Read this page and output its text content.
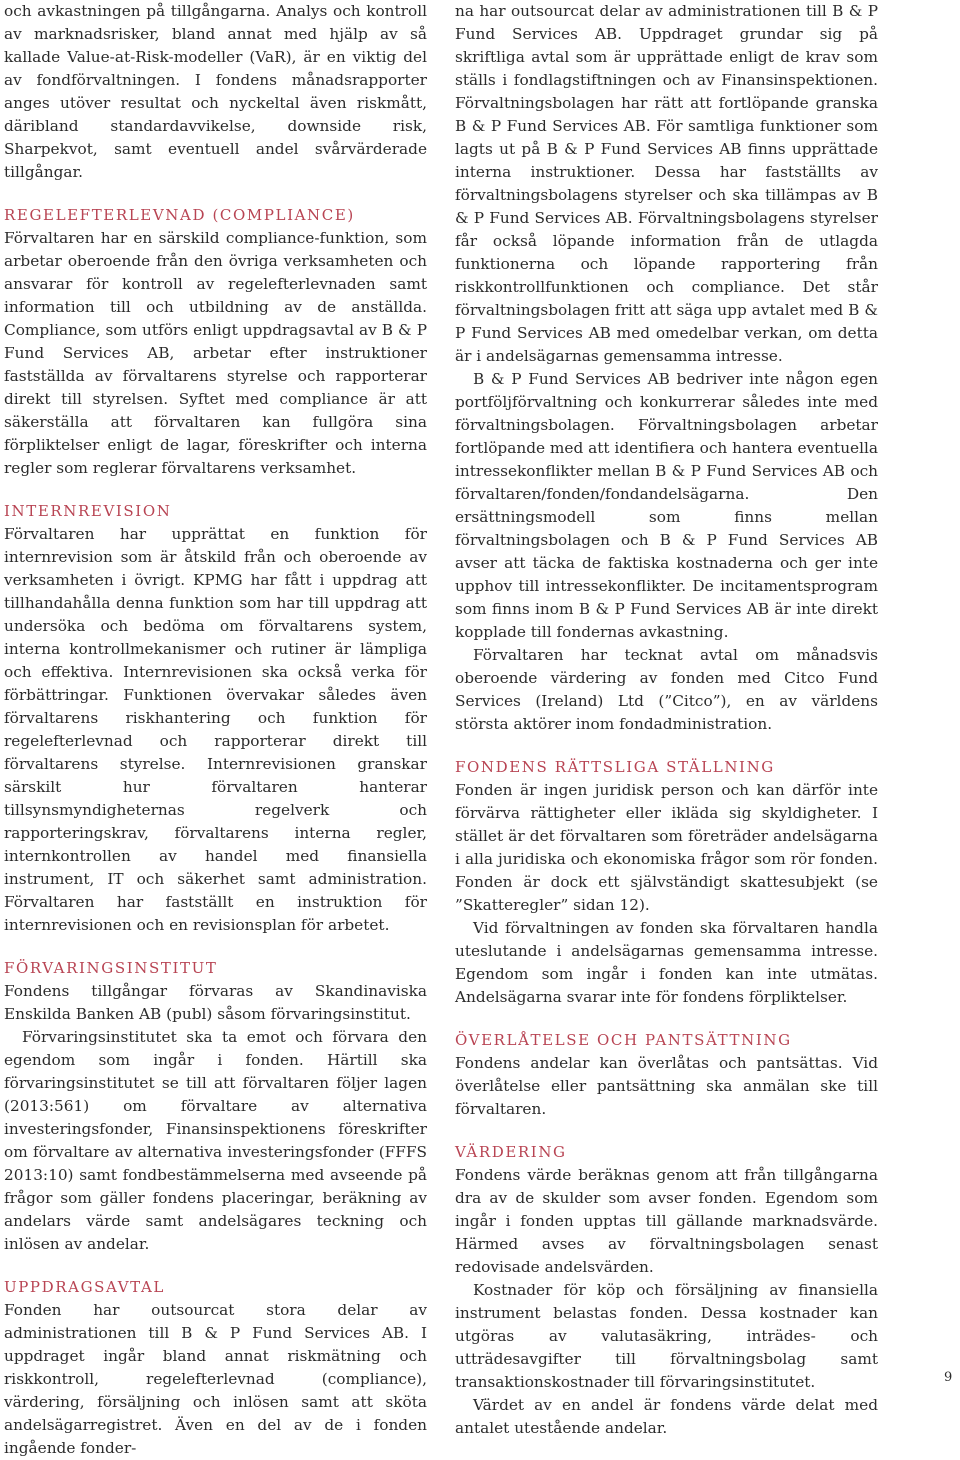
och avkastningen på tillgångarna. Analys och kontroll av marknadsrisker, bland annat med hjälp av så kallade Value-at-Risk-modeller (VaR), är en viktig del av fondförvaltningen. I fondens månadsrapporter anges utöver resultat och nyckeltal även riskmått, däribland standardavvikelse, downside risk, Sharpekvot, samt eventuell andel svårvärderade tillgångar.

REGELEFTERLEVNAD (COMPLIANCE)

Förvaltaren har en särskild compliance-funktion, som arbetar oberoende från den övriga verksamheten och ansvarar för kontroll av regelefterlevnaden samt information till och utbildning av de anställda. Compliance, som utförs enligt uppdragsavtal av B & P Fund Services AB, arbetar efter instruktioner fastställda av förvaltarens styrelse och rapporterar direkt till styrelsen. Syftet med compliance är att säkerställa att förvaltaren kan fullgöra sina förpliktelser enligt de lagar, föreskrifter och interna regler som reglerar förvaltarens verksamhet.

INTERNREVISION

Förvaltaren har upprättat en funktion för internrevision som är åtskild från och oberoende av verksamheten i övrigt. KPMG har fått i uppdrag att tillhandahålla denna funktion som har till uppdrag att undersöka och bedöma om förvaltarens system, interna kontrollmekanismer och rutiner är lämpliga och effektiva. Internrevisionen ska också verka för förbättringar. Funktionen övervakar således även förvaltarens riskhantering och funktion för regelefterlevnad och rapporterar direkt till förvaltarens styrelse. Internrevisionen granskar särskilt hur förvaltaren hanterar tillsynsmyndigheternas regelverk och rapporteringskrav, förvaltarens interna regler, internkontrollen av handel med finansiella instrument, IT och säkerhet samt administration. Förvaltaren har fastställt en instruktion för internrevisionen och en revisionsplan för arbetet.

FÖRVARINGSINSTITUT

Fondens tillgångar förvaras av Skandinaviska Enskilda Banken AB (publ) såsom förvaringsinstitut.

Förvaringsinstitutet ska ta emot och förvara den egendom som ingår i fonden. Härtill ska förvaringsinstitutet se till att förvaltaren följer lagen (2013:561) om förvaltare av alternativa investeringsfonder, Finansinspektionens föreskrifter om förvaltare av alternativa investeringsfonder (FFFS 2013:10) samt fondbestämmelserna med avseende på frågor som gäller fondens placeringar, beräkning av andelars värde samt andelsägares teckning och inlösen av andelar.

UPPDRAGSAVTAL

Fonden har outsourcat stora delar av administrationen till B & P Fund Services AB. I uppdraget ingår bland annat riskmätning och riskkontroll, regelefterlevnad (compliance), värdering, försäljning och inlösen samt att sköta andelsägarregistret. Även en del av de i fonden ingående fonder-

na har outsourcat delar av administrationen till B & P Fund Services AB. Uppdraget grundar sig på skriftliga avtal som är upprättade enligt de krav som ställs i fondlagstiftningen och av Finansinspektionen. Förvaltningsbolagen har rätt att fortlöpande granska B & P Fund Services AB. För samtliga funktioner som lagts ut på B & P Fund Services AB finns upprättade interna instruktioner. Dessa har fastställts av förvaltningsbolagens styrelser och ska tillämpas av B & P Fund Services AB. Förvaltningsbolagens styrelser får också löpande information från de utlagda funktionerna och löpande rapportering från riskkontrollfunktionen och compliance. Det står förvaltningsbolagen fritt att säga upp avtalet med B & P Fund Services AB med omedelbar verkan, om detta är i andelsägarnas gemensamma intresse.

B & P Fund Services AB bedriver inte någon egen portföljförvaltning och konkurrerar således inte med förvaltningsbolagen. Förvaltningsbolagen arbetar fortlöpande med att identifiera och hantera eventuella intressekonflikter mellan B & P Fund Services AB och förvaltaren/fonden/fondandelsägarna. Den ersättningsmodell som finns mellan förvaltningsbolagen och B & P Fund Services AB avser att täcka de faktiska kostnaderna och ger inte upphov till intressekonflikter. De incitamentsprogram som finns inom B & P Fund Services AB är inte direkt kopplade till fondernas avkastning.

Förvaltaren har tecknat avtal om månadsvis oberoende värdering av fonden med Citco Fund Services (Ireland) Ltd (”Citco”), en av världens största aktörer inom fondadministration.

FONDENS RÄTTSLIGA STÄLLNING

Fonden är ingen juridisk person och kan därför inte förvärva rättigheter eller ikläda sig skyldigheter. I stället är det förvaltaren som företräder andelsägarna i alla juridiska och ekonomiska frågor som rör fonden. Fonden är dock ett självständigt skattesubjekt (se ”Skatteregler” sidan 12).

Vid förvaltningen av fonden ska förvaltaren handla uteslutande i andelsägarnas gemensamma intresse. Egendom som ingår i fonden kan inte utmätas. Andelsägarna svarar inte för fondens förpliktelser.

ÖVERLÅTELSE OCH PANTSÄTTNING

Fondens andelar kan överlåtas och pantsättas. Vid överlåtelse eller pantsättning ska anmälan ske till förvaltaren.

VÄRDERING

Fondens värde beräknas genom att från tillgångarna dra av de skulder som avser fonden. Egendom som ingår i fonden upptas till gällande marknadsvärde. Härmed avses av förvaltningsbolagen senast redovisade andelsvärden.

Kostnader för köp och försäljning av finansiella instrument belastas fonden. Dessa kostnader kan utgöras av valutasäkring, inträdes- och utträdesavgifter till förvaltningsbolag samt transaktionskostnader till förvaringsinstitutet.

Värdet av en andel är fondens värde delat med antalet utestående andelar.

9
